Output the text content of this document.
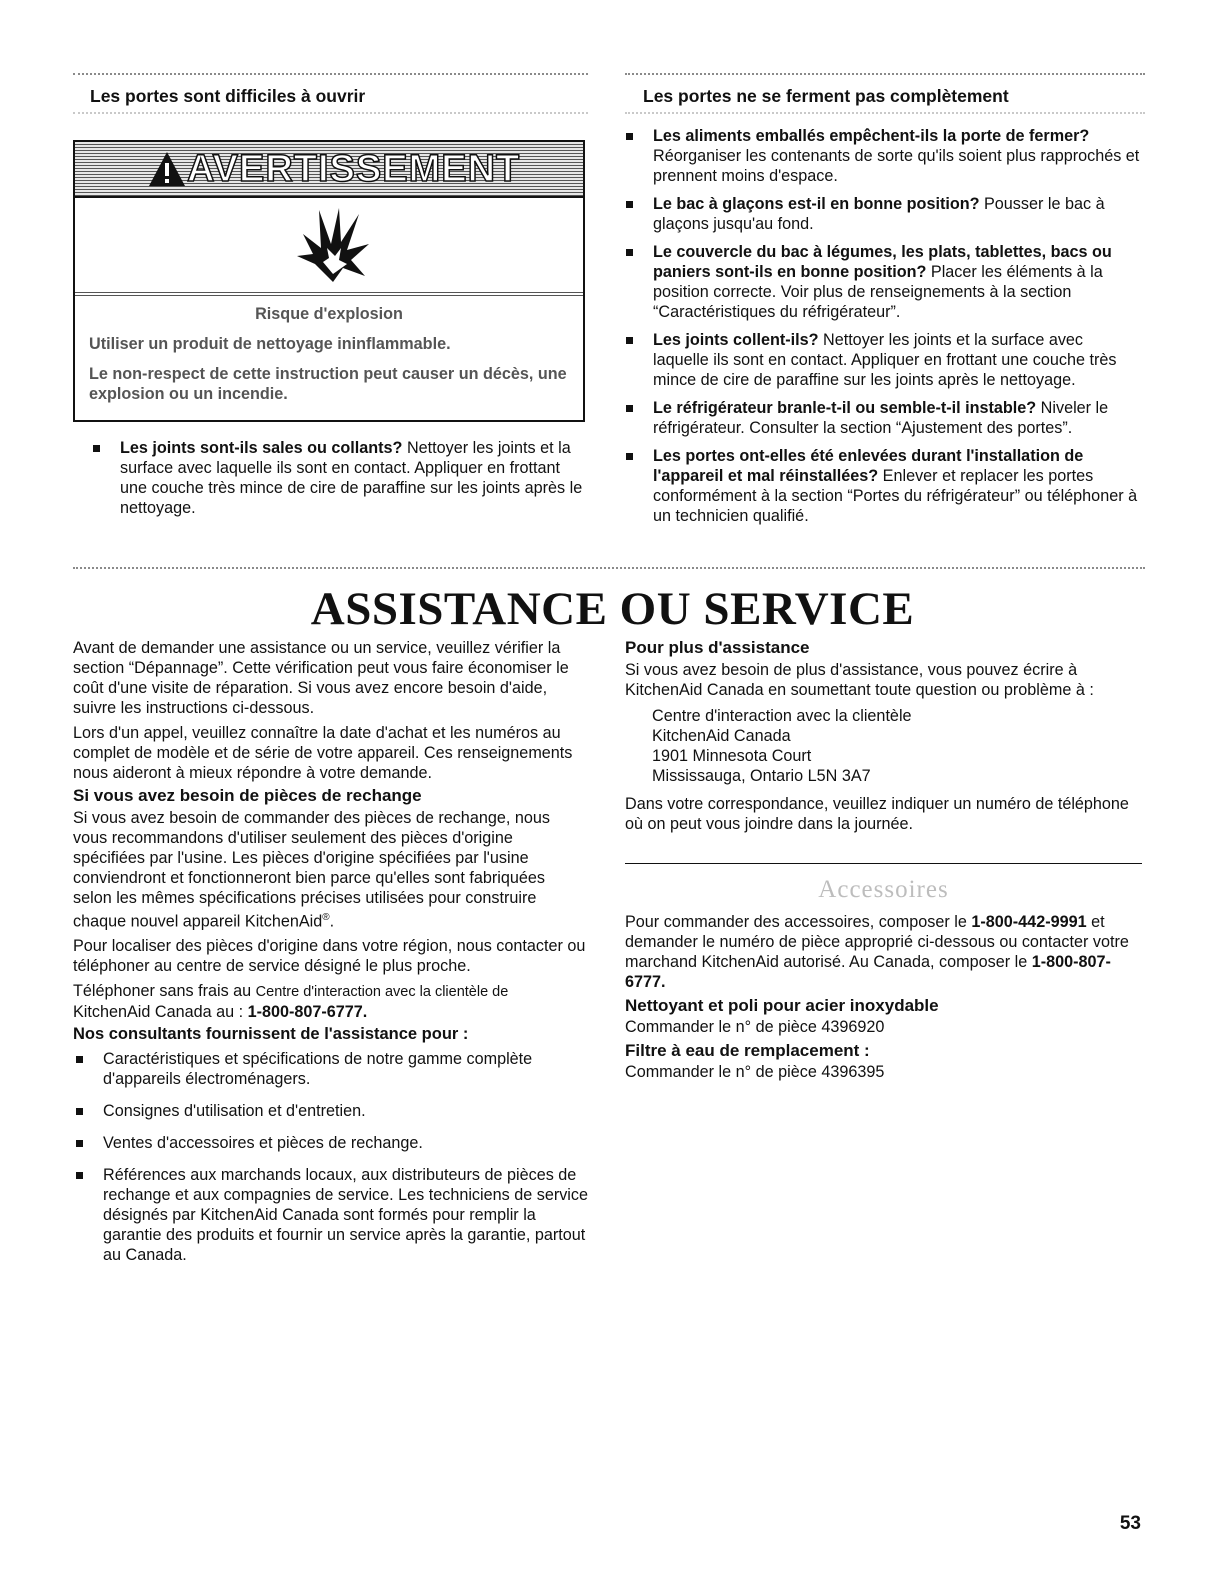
Les portes sont difficiles à ouvrir
AVERTISSEMENT
Risque d'explosion
Utiliser un produit de nettoyage ininflammable.
Le non-respect de cette instruction peut causer un décès, une explosion ou un incendie.
Les joints sont-ils sales ou collants? Nettoyer les joints et la surface avec laquelle ils sont en contact. Appliquer en frottant une couche très mince de cire de paraffine sur les joints après le nettoyage.
Les portes ne se ferment pas complètement
Les aliments emballés empêchent-ils la porte de fermer? Réorganiser les contenants de sorte qu'ils soient plus rapprochés et prennent moins d'espace.
Le bac à glaçons est-il en bonne position? Pousser le bac à glaçons jusqu'au fond.
Le couvercle du bac à légumes, les plats, tablettes, bacs ou paniers sont-ils en bonne position? Placer les éléments à la position correcte. Voir plus de renseignements à la section “Caractéristiques du réfrigérateur”.
Les joints collent-ils? Nettoyer les joints et la surface avec laquelle ils sont en contact. Appliquer en frottant une couche très mince de cire de paraffine sur les joints après le nettoyage.
Le réfrigérateur branle-t-il ou semble-t-il instable? Niveler le réfrigérateur. Consulter la section “Ajustement des portes”.
Les portes ont-elles été enlevées durant l'installation de l'appareil et mal réinstallées? Enlever et replacer les portes conformément à la section “Portes du réfrigérateur” ou téléphoner à un technicien qualifié.
ASSISTANCE OU SERVICE
Avant de demander une assistance ou un service, veuillez vérifier la section “Dépannage”. Cette vérification peut vous faire économiser le coût d'une visite de réparation. Si vous avez encore besoin d'aide, suivre les instructions ci-dessous.
Lors d'un appel, veuillez connaître la date d'achat et les numéros au complet de modèle et de série de votre appareil. Ces renseignements nous aideront à mieux répondre à votre demande.
Si vous avez besoin de pièces de rechange
Si vous avez besoin de commander des pièces de rechange, nous vous recommandons d'utiliser seulement des pièces d'origine spécifiées par l'usine. Les pièces d'origine spécifiées par l'usine conviendront et fonctionneront bien parce qu'elles sont fabriquées selon les mêmes spécifications précises utilisées pour construire chaque nouvel appareil KitchenAid®.
Pour localiser des pièces d'origine dans votre région, nous contacter ou téléphoner au centre de service désigné le plus proche.
Téléphoner sans frais au Centre d'interaction avec la clientèle de KitchenAid Canada au : 1-800-807-6777.
Nos consultants fournissent de l'assistance pour :
Caractéristiques et spécifications de notre gamme complète d'appareils électroménagers.
Consignes d'utilisation et d'entretien.
Ventes d'accessoires et pièces de rechange.
Références aux marchands locaux, aux distributeurs de pièces de rechange et aux compagnies de service. Les techniciens de service désignés par KitchenAid Canada sont formés pour remplir la garantie des produits et fournir un service après la garantie, partout au Canada.
Pour plus d'assistance
Si vous avez besoin de plus d'assistance, vous pouvez écrire à KitchenAid Canada en soumettant toute question ou problème à :
Centre d'interaction avec la clientèle
KitchenAid Canada
1901 Minnesota Court
Mississauga, Ontario L5N 3A7
Dans votre correspondance, veuillez indiquer un numéro de téléphone où on peut vous joindre dans la journée.
Accessoires
Pour commander des accessoires, composer le 1-800-442-9991 et demander le numéro de pièce approprié ci-dessous ou contacter votre marchand KitchenAid autorisé. Au Canada, composer le 1-800-807-6777.
Nettoyant et poli pour acier inoxydable
Commander le n° de pièce 4396920
Filtre à eau de remplacement :
Commander le n° de pièce 4396395
53
